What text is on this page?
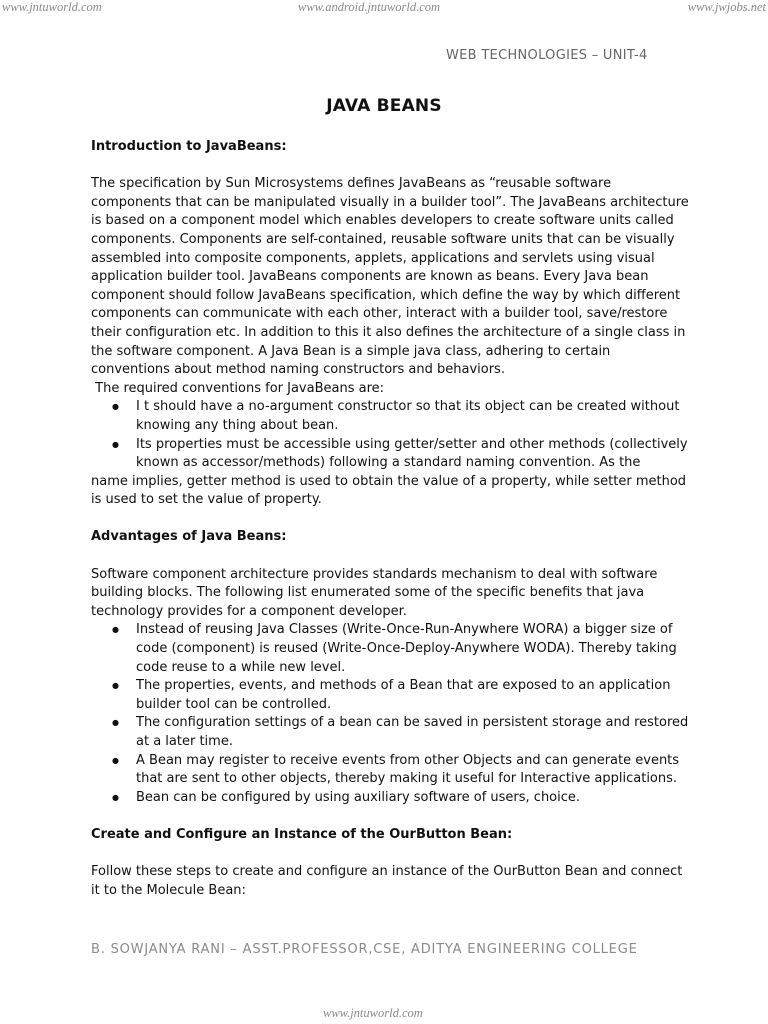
www.jntuworld.com	www.android.jntuworld.com	www.jwjobs.net
WEB TECHNOLOGIES – UNIT-4
JAVA BEANS
Introduction to JavaBeans:

The specification by Sun Microsystems defines JavaBeans as “reusable software components that can be manipulated visually in a builder tool”. The JavaBeans architecture is based on a component model which enables developers to create software units called components. Components are self-contained, reusable software units that can be visually assembled into composite components, applets, applications and servlets using visual application builder tool. JavaBeans components are known as beans. Every Java bean component should follow JavaBeans specification, which define the way by which different components can communicate with each other, interact with a builder tool, save/restore their configuration etc. In addition to this it also defines the architecture of a single class in the software component. A Java Bean is a simple java class, adhering to certain conventions about method naming constructors and behaviors.

The required conventions for JavaBeans are:

● I t should have a no-argument constructor so that its object can be created without knowing any thing about bean.
● Its properties must be accessible using getter/setter and other methods (collectively known as accessor/methods) following a standard naming convention. As the

name implies, getter method is used to obtain the value of a property, while setter method is used to set the value of property.

Advantages of Java Beans:

Software component architecture provides standards mechanism to deal with software building blocks. The following list enumerated some of the specific benefits that java technology provides for a component developer.

● Instead of reusing Java Classes (Write-Once-Run-Anywhere WORA) a bigger size of code (component) is reused (Write-Once-Deploy-Anywhere WODA). Thereby taking code reuse to a while new level.
● The properties, events, and methods of a Bean that are exposed to an application builder tool can be controlled.
● The configuration settings of a bean can be saved in persistent storage and restored at a later time.
● A Bean may register to receive events from other Objects and can generate events that are sent to other objects, thereby making it useful for Interactive applications.
● Bean can be configured by using auxiliary software of users, choice.
Create and Configure an Instance of the OurButton Bean:

Follow these steps to create and configure an instance of the OurButton Bean and connect it to the Molecule Bean:

B. SOWJANYA RANI – ASST.PROFESSOR,CSE, ADITYA ENGINEERING COLLEGE
www.jntuworld.com
